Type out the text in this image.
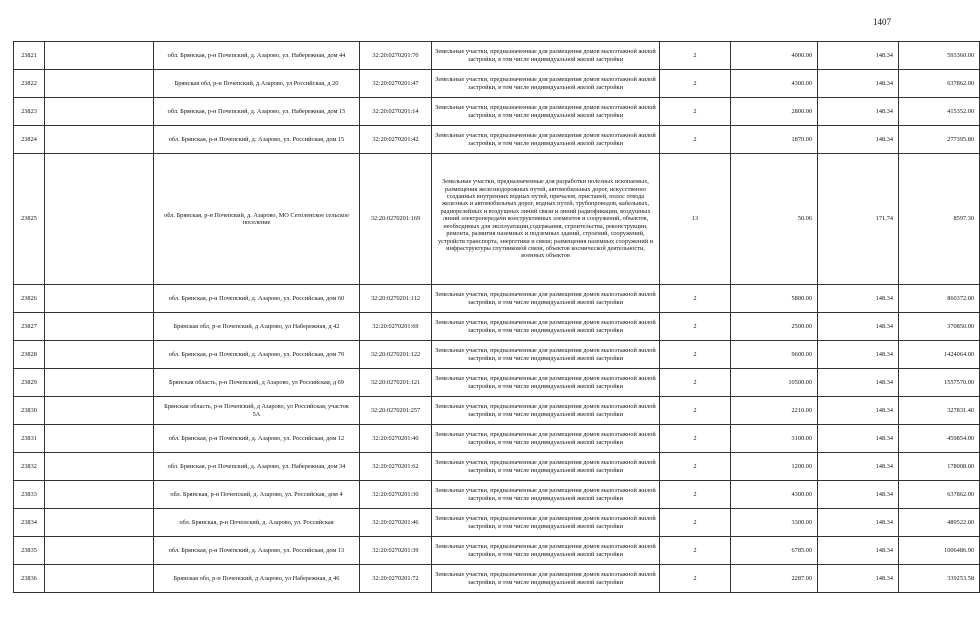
1407
23821		обл. Брянская, р-н Почепский, д. Азарово, ул. Набережная, дом 44	32:20:0270201:70	Земельные участки, предназначенные для размещения домов малоэтажной жилой застройки, в том числе индивидуальной жилой застройки	2	4000.00	148.34	593360.00
23822		Брянская обл, р-н Почепский, д Азарово, ул Российская, д 20	32:20:0270201:47	Земельные участки, предназначенные для размещения домов малоэтажной жилой застройки, в том числе индивидуальной жилой застройки	2	4300.00	148.34	637862.00
23823		обл. Брянская, р-н Почепский, д. Азарово, ул. Набережная, дом 15	32:20:0270201:14	Земельные участки, предназначенные для размещения домов малоэтажной жилой застройки, в том числе индивидуальной жилой застройки	2	2800.00	148.34	415352.00
23824		обл. Брянская, р-н Почепский, д. Азарово, ул. Российская, дом 15	32:20:0270201:42	Земельные участки, предназначенные для размещения домов малоэтажной жилой застройки, в том числе индивидуальной жилой застройки	2	1870.00	148.34	277395.80
23825		обл. Брянская, р-н Почепский, д. Азарово, МО Сетоленское сельское поселение	32:20:0270201:169	Земельные участки, предназначенные для разработки полезных ископаемых, размещения железнодорожных путей, автомобильных дорог, искусственно созданных внутренних водных путей, причалов, пристаней, полос отвода железных и автомобильных дорог, водных путей, трубопроводов, кабельных, радиорелейных и воздушных линий связи и линий радиофикации, воздушных линий электропередачи конструктивных элементов и сооружений, объектов, необходимых для эксплуатации,содержания, строительства, реконструкции, ремонта, развития наземных и подземных зданий, строений, сооружений, устройств транспорта, энергетики и связи; размещения наземных сооружений и инфраструктуры спутниковой связи, объектов космической деятельности, военных объектов	13	50.06	171.74	8597.30
23826		обл. Брянская, р-н Почепский, д. Азарово, ул. Российская, дом 60	32:20:0270201:112	Земельные участки, предназначенные для размещения домов малоэтажной жилой застройки, в том числе индивидуальной жилой застройки	2	5800.00	148.34	860372.00
23827		Брянская обл, р-н Почепский, д Азарово, ул Набережная, д 42	32:20:0270201:69	Земельные участки, предназначенные для размещения домов малоэтажной жилой застройки, в том числе индивидуальной жилой застройки	2	2500.00	148.34	370850.00
23828		обл. Брянская, р-н Почепский, д. Азарово, ул. Российская, дом 70	32:20:0270201:122	Земельные участки, предназначенные для размещения домов малоэтажной жилой застройки, в том числе индивидуальной жилой застройки	2	9600.00	148.34	1424064.00
23829		Брянская область, р-н Почепский, д Азарово, ул Российская, д 69	32:20:0270201:121	Земельные участки, предназначенные для размещения домов малоэтажной жилой застройки, в том числе индивидуальной жилой застройки	2	10500.00	148.34	1557570.00
23830		Брянская область, р-н Почепский, д Азарово, ул Российская, участок 5А	32:20:0270201:257	Земельные участки, предназначенные для размещения домов малоэтажной жилой застройки, в том числе индивидуальной жилой застройки	2	2210.00	148.34	327831.40
23831		обл. Брянская, р-н Почепский, д. Азарово, ул. Российская, дом 12	32:20:0270201:40	Земельные участки, предназначенные для размещения домов малоэтажной жилой застройки, в том числе индивидуальной жилой застройки	2	3100.00	148.34	459854.00
23832		обл. Брянская, р-н Почепский, д. Азарово, ул. Набережная, дом 34	32:20:0270201:62	Земельные участки, предназначенные для размещения домов малоэтажной жилой застройки, в том числе индивидуальной жилой застройки	2	1200.00	148.34	178008.00
23833		обл. Брянская, р-н Почепский, д. Азарово, ул. Российская, дом 4	32:20:0270201:30	Земельные участки, предназначенные для размещения домов малоэтажной жилой застройки, в том числе индивидуальной жилой застройки	2	4300.00	148.34	637862.00
23834		обл. Брянская, р-н Почепский, д. Азарово, ул. Российская	32:20:0270201:46	Земельные участки, предназначенные для размещения домов малоэтажной жилой застройки, в том числе индивидуальной жилой застройки	2	3300.00	148.34	489522.00
23835		обл. Брянская, р-н Почепский, д. Азарово, ул. Российская, дом 13	32:20:0270201:39	Земельные участки, предназначенные для размещения домов малоэтажной жилой застройки, в том числе индивидуальной жилой застройки	2	6785.00	148.34	1006486.90
23836		Брянская обл, р-н Почепский, д Азарово, ул Набережная, д 46	32:20:0270201:72	Земельные участки, предназначенные для размещения домов малоэтажной жилой застройки, в том числе индивидуальной жилой застройки	2	2287.00	148.34	339253.58
